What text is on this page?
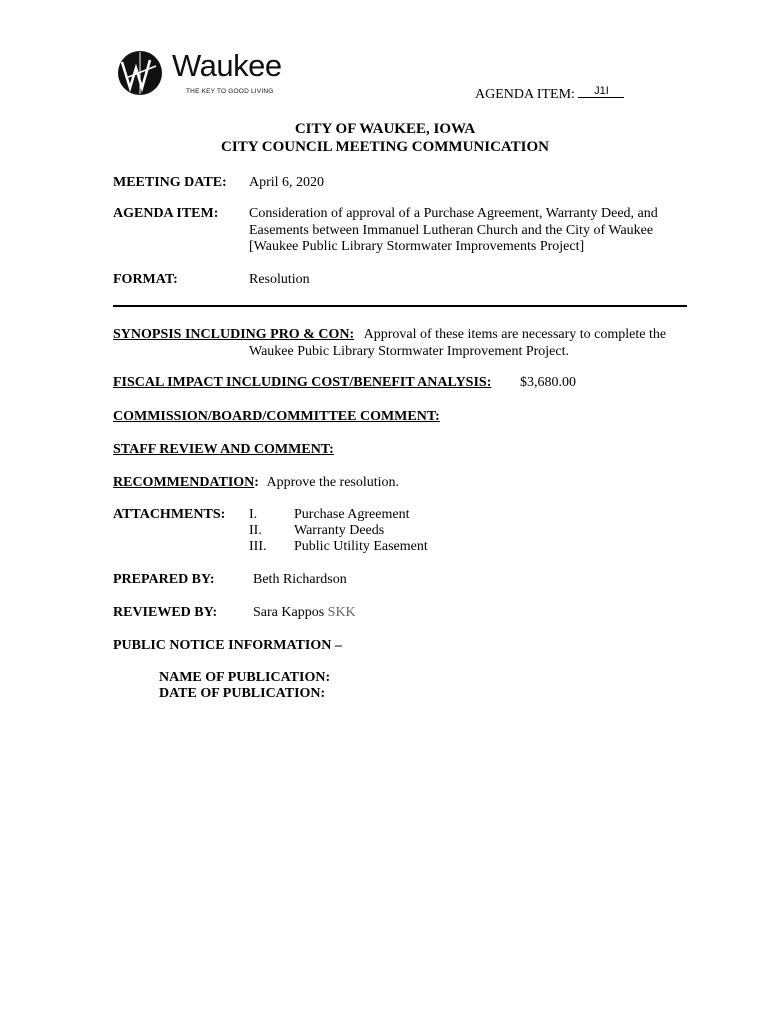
Waukee
THE KEY TO GOOD LIVING	AGENDA ITEM: J1I
CITY OF WAUKEE, IOWA
CITY COUNCIL MEETING COMMUNICATION
MEETING DATE: April 6, 2020
AGENDA ITEM: Consideration of approval of a Purchase Agreement, Warranty Deed, and
Easements between Immanuel Lutheran Church and the City of Waukee
[Waukee Public Library Stormwater Improvements Project]
FORMAT:	Resolution
SYNOPSIS INCLUDING PRO & CON: Approval of these items are necessary to complete the
Waukee Pubic Library Stormwater Improvement Project.
FISCAL IMPACT INCLUDING COST/BENEFIT ANALYSIS: $3,680.00
COMMISSION/BOARD/COMMITTEE COMMENT:
STAFF REVIEW AND COMMENT:
RECOMMENDATION: Approve the resolution.
ATTACHMENTS: I.	Purchase Agreement
II. Warranty Deeds
III. Public Utility Easement
PREPARED BY:	Beth Richardson
REVIEWED BY:	Sara Kappos SKK
PUBLIC NOTICE INFORMATION –
NAME OF PUBLICATION:
DATE OF PUBLICATION:
